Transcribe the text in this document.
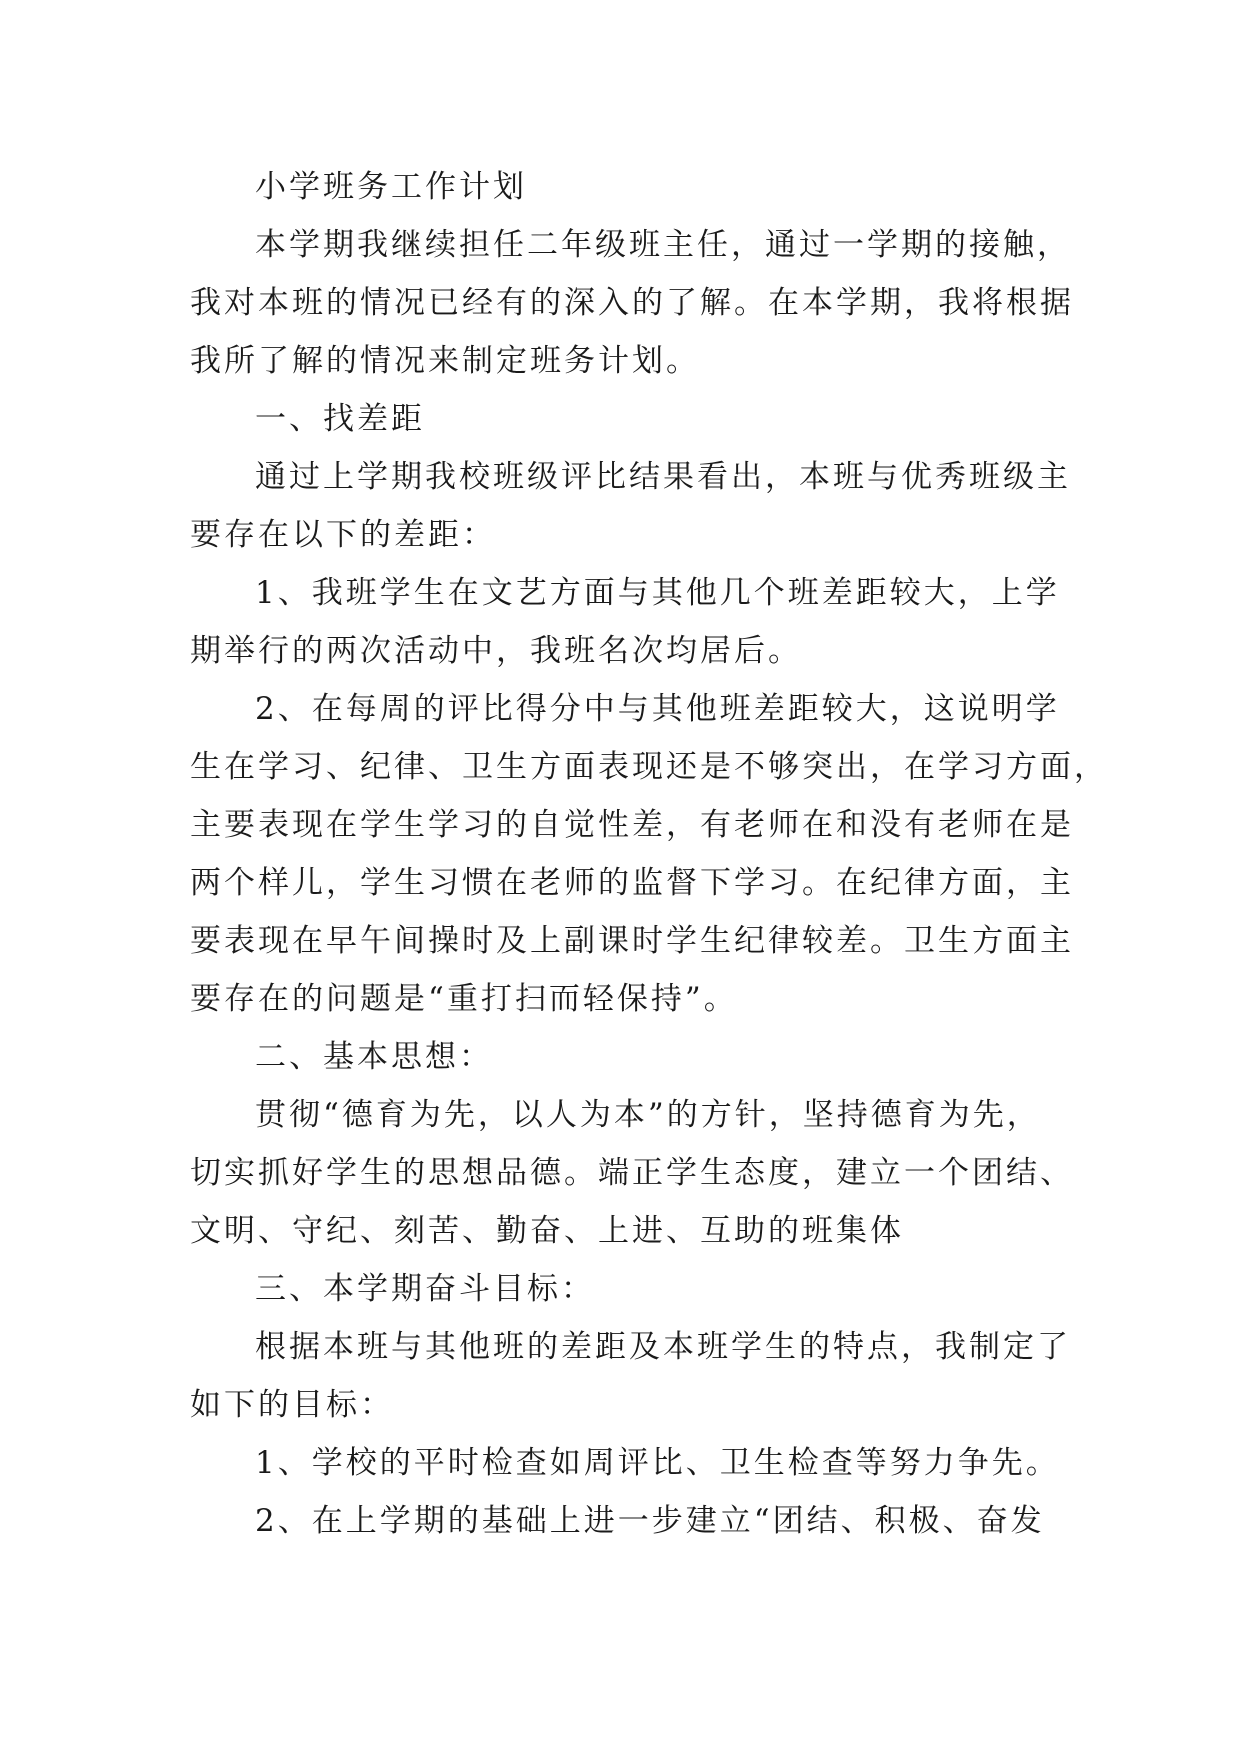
小学班务工作计划
本学期我继续担任二年级班主任，通过一学期的接触，
我对本班的情况已经有的深入的了解。在本学期，我将根据
我所了解的情况来制定班务计划。
一、找差距
通过上学期我校班级评比结果看出，本班与优秀班级主
要存在以下的差距：
1、我班学生在文艺方面与其他几个班差距较大，上学
期举行的两次活动中，我班名次均居后。
2、在每周的评比得分中与其他班差距较大，这说明学
生在学习、纪律、卫生方面表现还是不够突出，在学习方面，
主要表现在学生学习的自觉性差，有老师在和没有老师在是
两个样儿，学生习惯在老师的监督下学习。在纪律方面，主
要表现在早午间操时及上副课时学生纪律较差。卫生方面主
要存在的问题是“重打扫而轻保持”。
二、基本思想：
贯彻“德育为先，以人为本”的方针，坚持德育为先，
切实抓好学生的思想品德。端正学生态度，建立一个团结、
文明、守纪、刻苦、勤奋、上进、互助的班集体
三、本学期奋斗目标：
根据本班与其他班的差距及本班学生的特点，我制定了
如下的目标：
1、学校的平时检查如周评比、卫生检查等努力争先。
2、在上学期的基础上进一步建立“团结、积极、奋发
